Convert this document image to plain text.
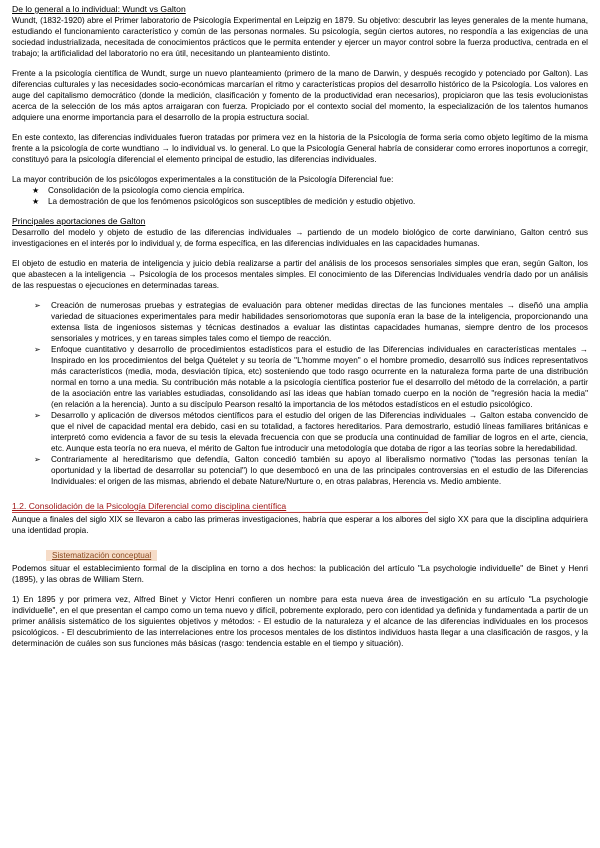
De lo general a lo individual: Wundt vs Galton

Wundt, (1832-1920) abre el Primer laboratorio de Psicología Experimental en Leipzig en 1879. Su objetivo: descubrir las leyes generales de la mente humana, estudiando el funcionamiento característico y común de las personas normales. Su psicología, según ciertos autores, no respondía a las exigencias de una sociedad industrializada, necesitada de conocimientos prácticos que le permita entender y ejercer un mayor control sobre la fuerza productiva, centrada en el trabajo; la artificialidad del laboratorio no era útil, necesitando un planteamiento distinto.

Frente a la psicología científica de Wundt, surge un nuevo planteamiento (primero de la mano de Darwin, y después recogido y potenciado por Galton). Las diferencias culturales y las necesidades socio-económicas marcarían el ritmo y características propios del desarrollo histórico de la Psicología. Los valores en auge del capitalismo democrático (donde la medición, clasificación y fomento de la productividad eran necesarios), propiciaron que las tesis evolucionistas acerca de la selección de los más aptos arraigaran con fuerza. Propiciado por el contexto social del momento, la especialización de los talentos humanos adquiere una enorme importancia para el desarrollo de la propia estructura social.

En este contexto, las diferencias individuales fueron tratadas por primera vez en la historia de la Psicología de forma seria como objeto legítimo de la misma frente a la psicología de corte wundtiano → lo individual vs. lo general. Lo que la Psicología General habría de considerar como errores inoportunos a corregir, constituyó para la psicología diferencial el elemento principal de estudio, las diferencias individuales.

La mayor contribución de los psicólogos experimentales a la constitución de la Psicología Diferencial fue:

★ Consolidación de la psicología como ciencia empírica.
★ La demostración de que los fenómenos psicológicos son susceptibles de medición y estudio objetivo.
Principales aportaciones de Galton

Desarrollo del modelo y objeto de estudio de las diferencias individuales → partiendo de un modelo biológico de corte darwiniano, Galton centró sus investigaciones en el interés por lo individual y, de forma específica, en las diferencias individuales en las capacidades humanas.

El objeto de estudio en materia de inteligencia y juicio debía realizarse a partir del análisis de los procesos sensoriales simples que eran, según Galton, los que abastecen a la inteligencia → Psicología de los procesos mentales simples. El conocimiento de las Diferencias Individuales vendría dado por un análisis de las respuestas o ejecuciones en determinadas tareas.

➢ Creación de numerosas pruebas y estrategias de evaluación para obtener medidas directas de las funciones mentales → diseñó una amplia variedad de situaciones experimentales para medir habilidades sensoriomotoras que suponía eran la base de la inteligencia, proporcionando una extensa lista de ingeniosos sistemas y técnicas destinados a evaluar las distintas capacidades humanas, siempre dentro de los procesos sensoriales y motrices, y en tareas simples tales como el tiempo de reacción.
➢ Enfoque cuantitativo y desarrollo de procedimientos estadísticos para el estudio de las Diferencias individuales en características mentales → Inspirado en los procedimientos del belga Quételet y su teoría de "L'homme moyen" o el hombre promedio, desarrolló sus índices representativos más característicos (media, moda, desviación típica, etc) sosteniendo que todo rasgo ocurrente en la naturaleza forma parte de una distribución normal en torno a una media. Su contribución más notable a la psicología científica posterior fue el desarrollo del método de la correlación, a partir de la asociación entre las variables estudiadas, consolidando así las ideas que habían tomado cuerpo en la noción de "regresión hacia la media" (en relación a la herencia). Junto a su discípulo Pearson resaltó la importancia de los métodos estadísticos en el estudio psicológico.
➢ Desarrollo y aplicación de diversos métodos científicos para el estudio del origen de las Diferencias individuales → Galton estaba convencido de que el nivel de capacidad mental era debido, casi en su totalidad, a factores hereditarios. Para demostrarlo, estudió líneas familiares británicas e interpretó como evidencia a favor de su tesis la elevada frecuencia con que se producía una continuidad de familiar de logros en el arte, ciencia, etc. Aunque esta teoría no era nueva, el mérito de Galton fue introducir una metodología que dotaba de rigor a las teorías sobre la heredabilidad.
➢ Contrariamente al hereditarismo que defendía, Galton concedió también su apoyo al liberalismo normativo ("todas las personas tenían la oportunidad y la libertad de desarrollar su potencial") lo que desembocó en una de las principales controversias en el estudio de las Diferencias Individuales: el origen de las mismas, abriendo el debate Nature/Nurture o, en otras palabras, Herencia vs. Medio ambiente.
1.2. Consolidación de la Psicología Diferencial como disciplina científica

Aunque a finales del siglo XIX se llevaron a cabo las primeras investigaciones, habría que esperar a los albores del siglo XX para que la disciplina adquiriera una identidad propia.

Sistematización conceptual

Podemos situar el establecimiento formal de la disciplina en torno a dos hechos: la publicación del artículo "La psychologie individuelle" de Binet y Henri (1895), y las obras de William Stern.

1) En 1895 y por primera vez, Alfred Binet y Victor Henri confieren un nombre para esta nueva área de investigación en su artículo "La psychologie individuelle", en el que presentan el campo como un tema nuevo y difícil, pobremente explorado, pero con identidad ya definida y fundamentada a partir de un primer análisis sistemático de los siguientes objetivos y métodos: - El estudio de la naturaleza y el alcance de las diferencias individuales en los procesos psicológicos. - El descubrimiento de las interrelaciones entre los procesos mentales de los distintos individuos hasta llegar a una clasificación de rasgos, y la determinación de cuáles son sus funciones más básicas (rasgo: tendencia estable en el tiempo y situación).
